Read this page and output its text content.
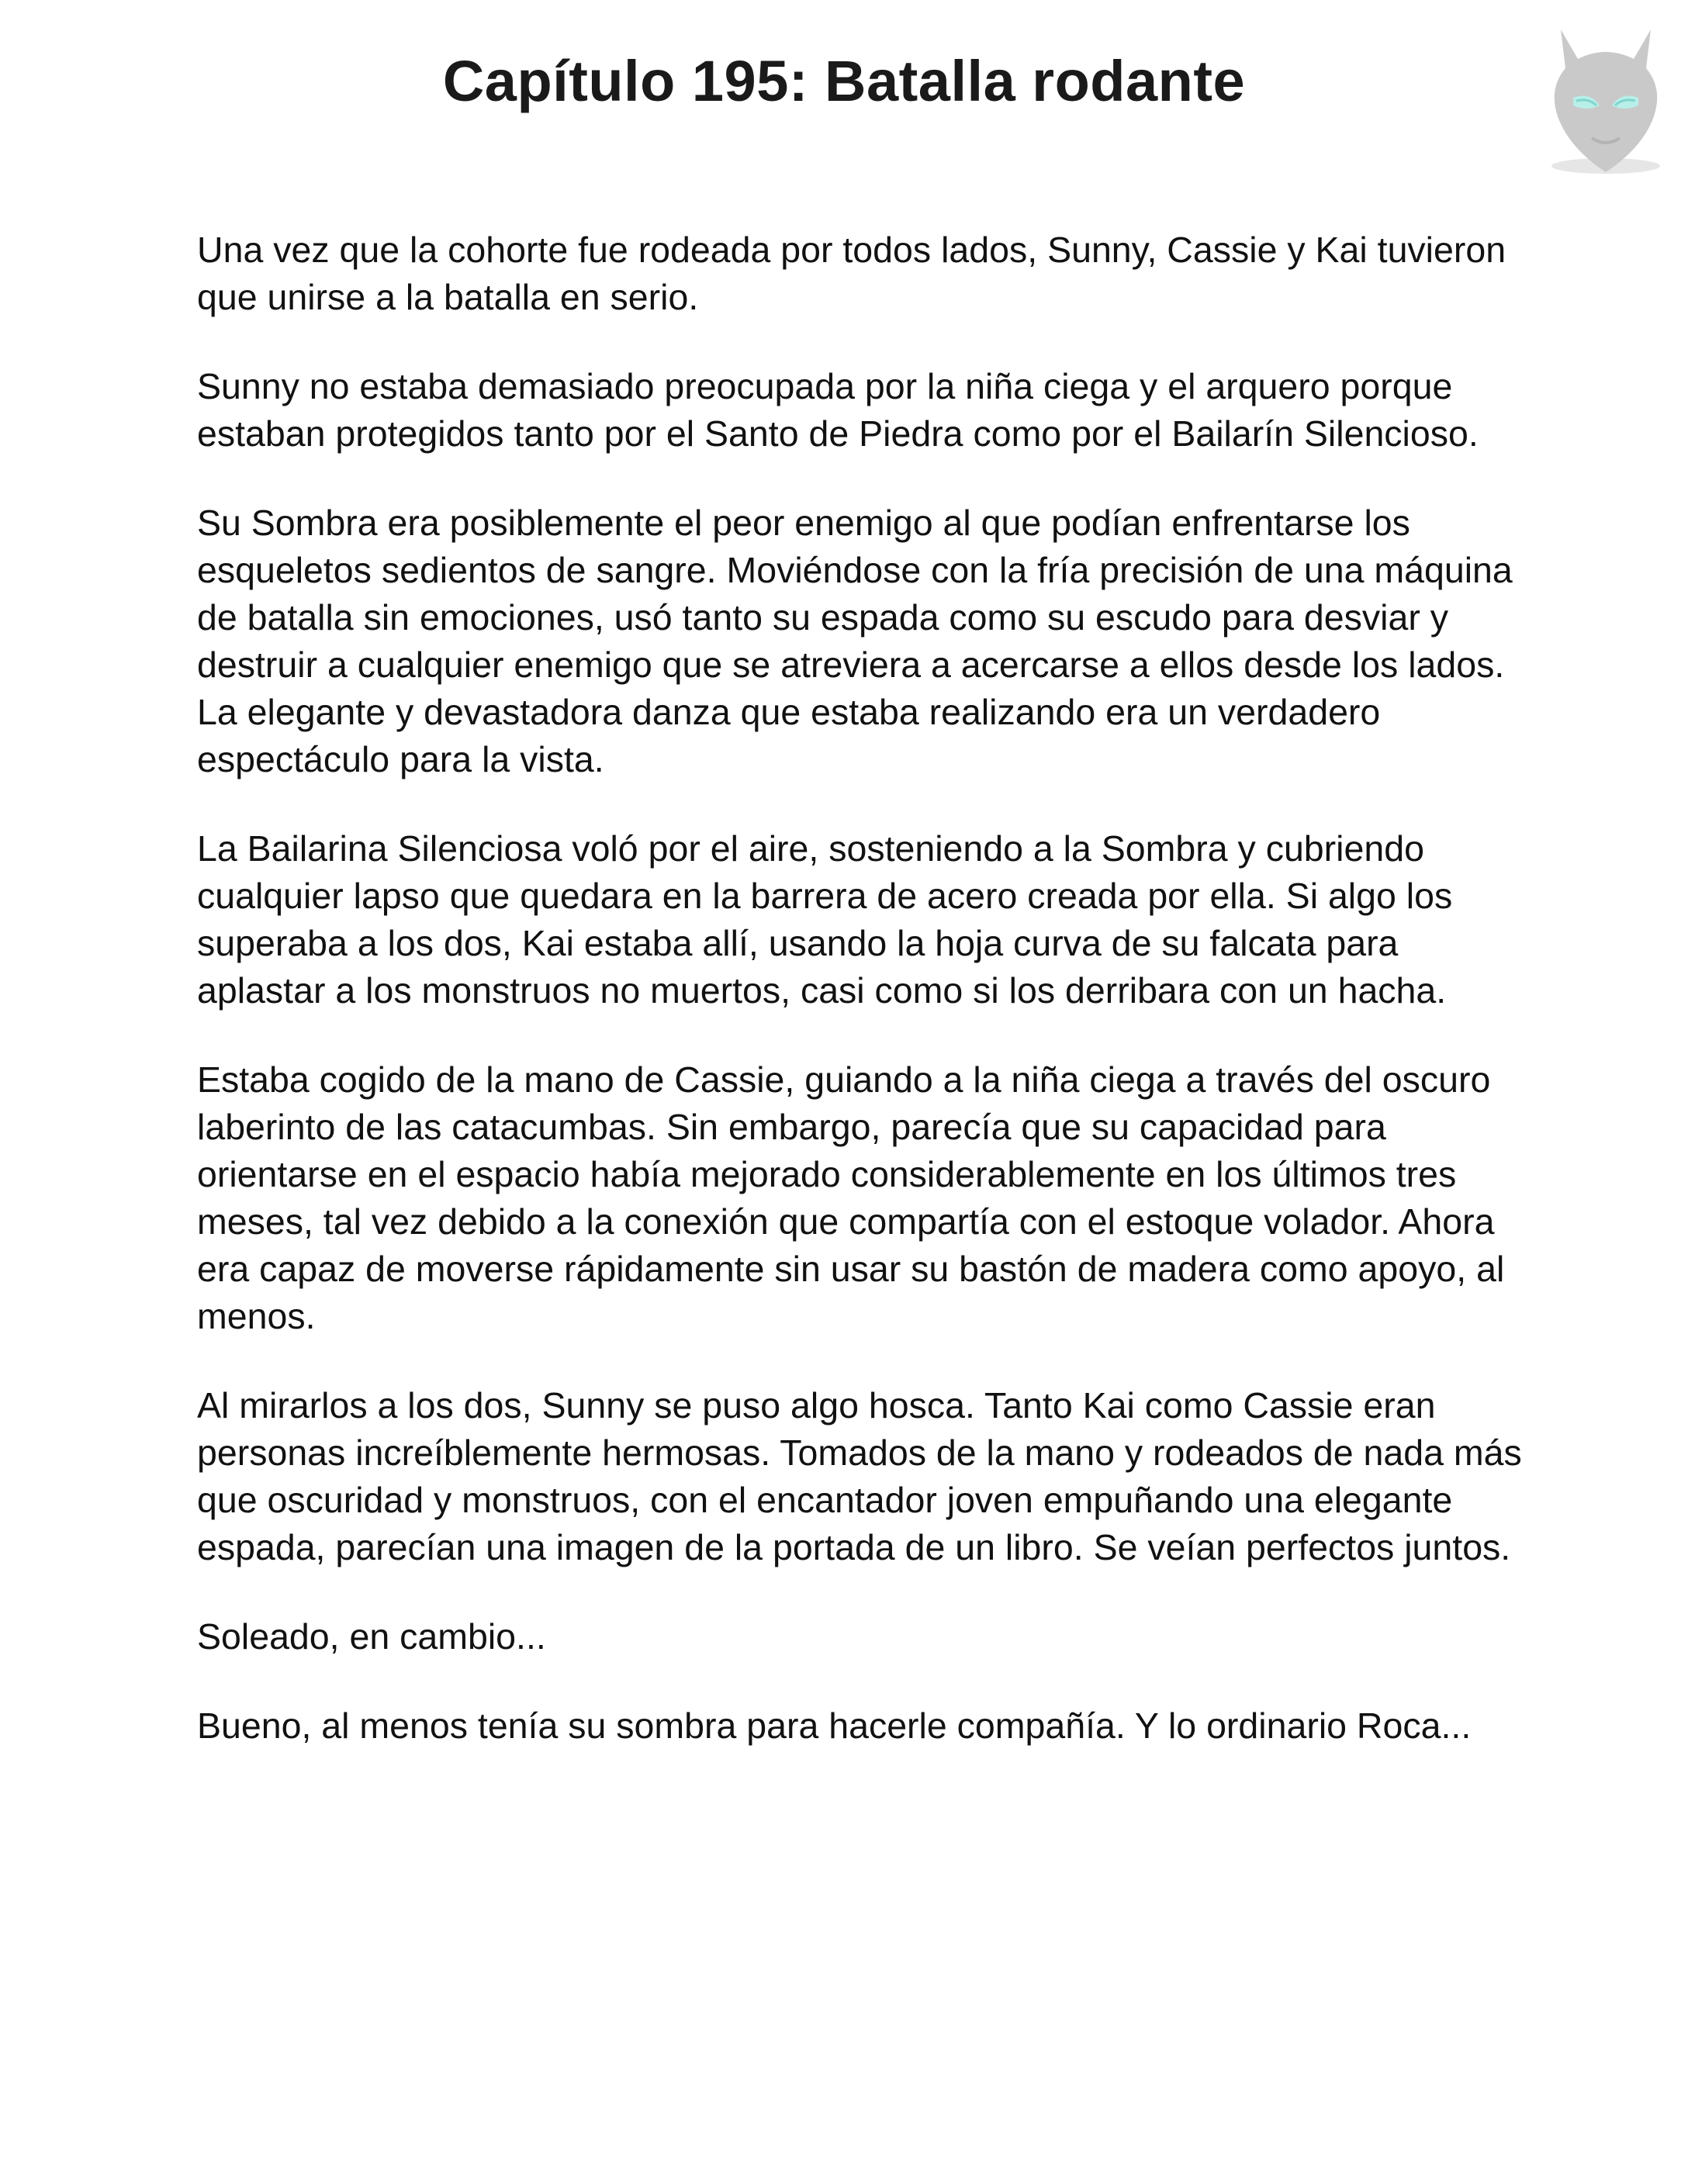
Capítulo 195: Batalla rodante

Una vez que la cohorte fue rodeada por todos lados, Sunny, Cassie y Kai tuvieron que unirse a la batalla en serio.

Sunny no estaba demasiado preocupada por la niña ciega y el arquero porque estaban protegidos tanto por el Santo de Piedra como por el Bailarín Silencioso.

Su Sombra era posiblemente el peor enemigo al que podían enfrentarse los esqueletos sedientos de sangre. Moviéndose con la fría precisión de una máquina de batalla sin emociones, usó tanto su espada como su escudo para desviar y destruir a cualquier enemigo que se atreviera a acercarse a ellos desde los lados. La elegante y devastadora danza que estaba realizando era un verdadero espectáculo para la vista.

La Bailarina Silenciosa voló por el aire, sosteniendo a la Sombra y cubriendo cualquier lapso que quedara en la barrera de acero creada por ella. Si algo los superaba a los dos, Kai estaba allí, usando la hoja curva de su falcata para aplastar a los monstruos no muertos, casi como si los derribara con un hacha.

Estaba cogido de la mano de Cassie, guiando a la niña ciega a través del oscuro laberinto de las catacumbas. Sin embargo, parecía que su capacidad para orientarse en el espacio había mejorado considerablemente en los últimos tres meses, tal vez debido a la conexión que compartía con el estoque volador. Ahora era capaz de moverse rápidamente sin usar su bastón de madera como apoyo, al menos.

Al mirarlos a los dos, Sunny se puso algo hosca. Tanto Kai como Cassie eran personas increíblemente hermosas. Tomados de la mano y rodeados de nada más que oscuridad y monstruos, con el encantador joven empuñando una elegante espada, parecían una imagen de la portada de un libro. Se veían perfectos juntos.

Soleado, en cambio...

Bueno, al menos tenía su sombra para hacerle compañía. Y lo ordinario Roca...
